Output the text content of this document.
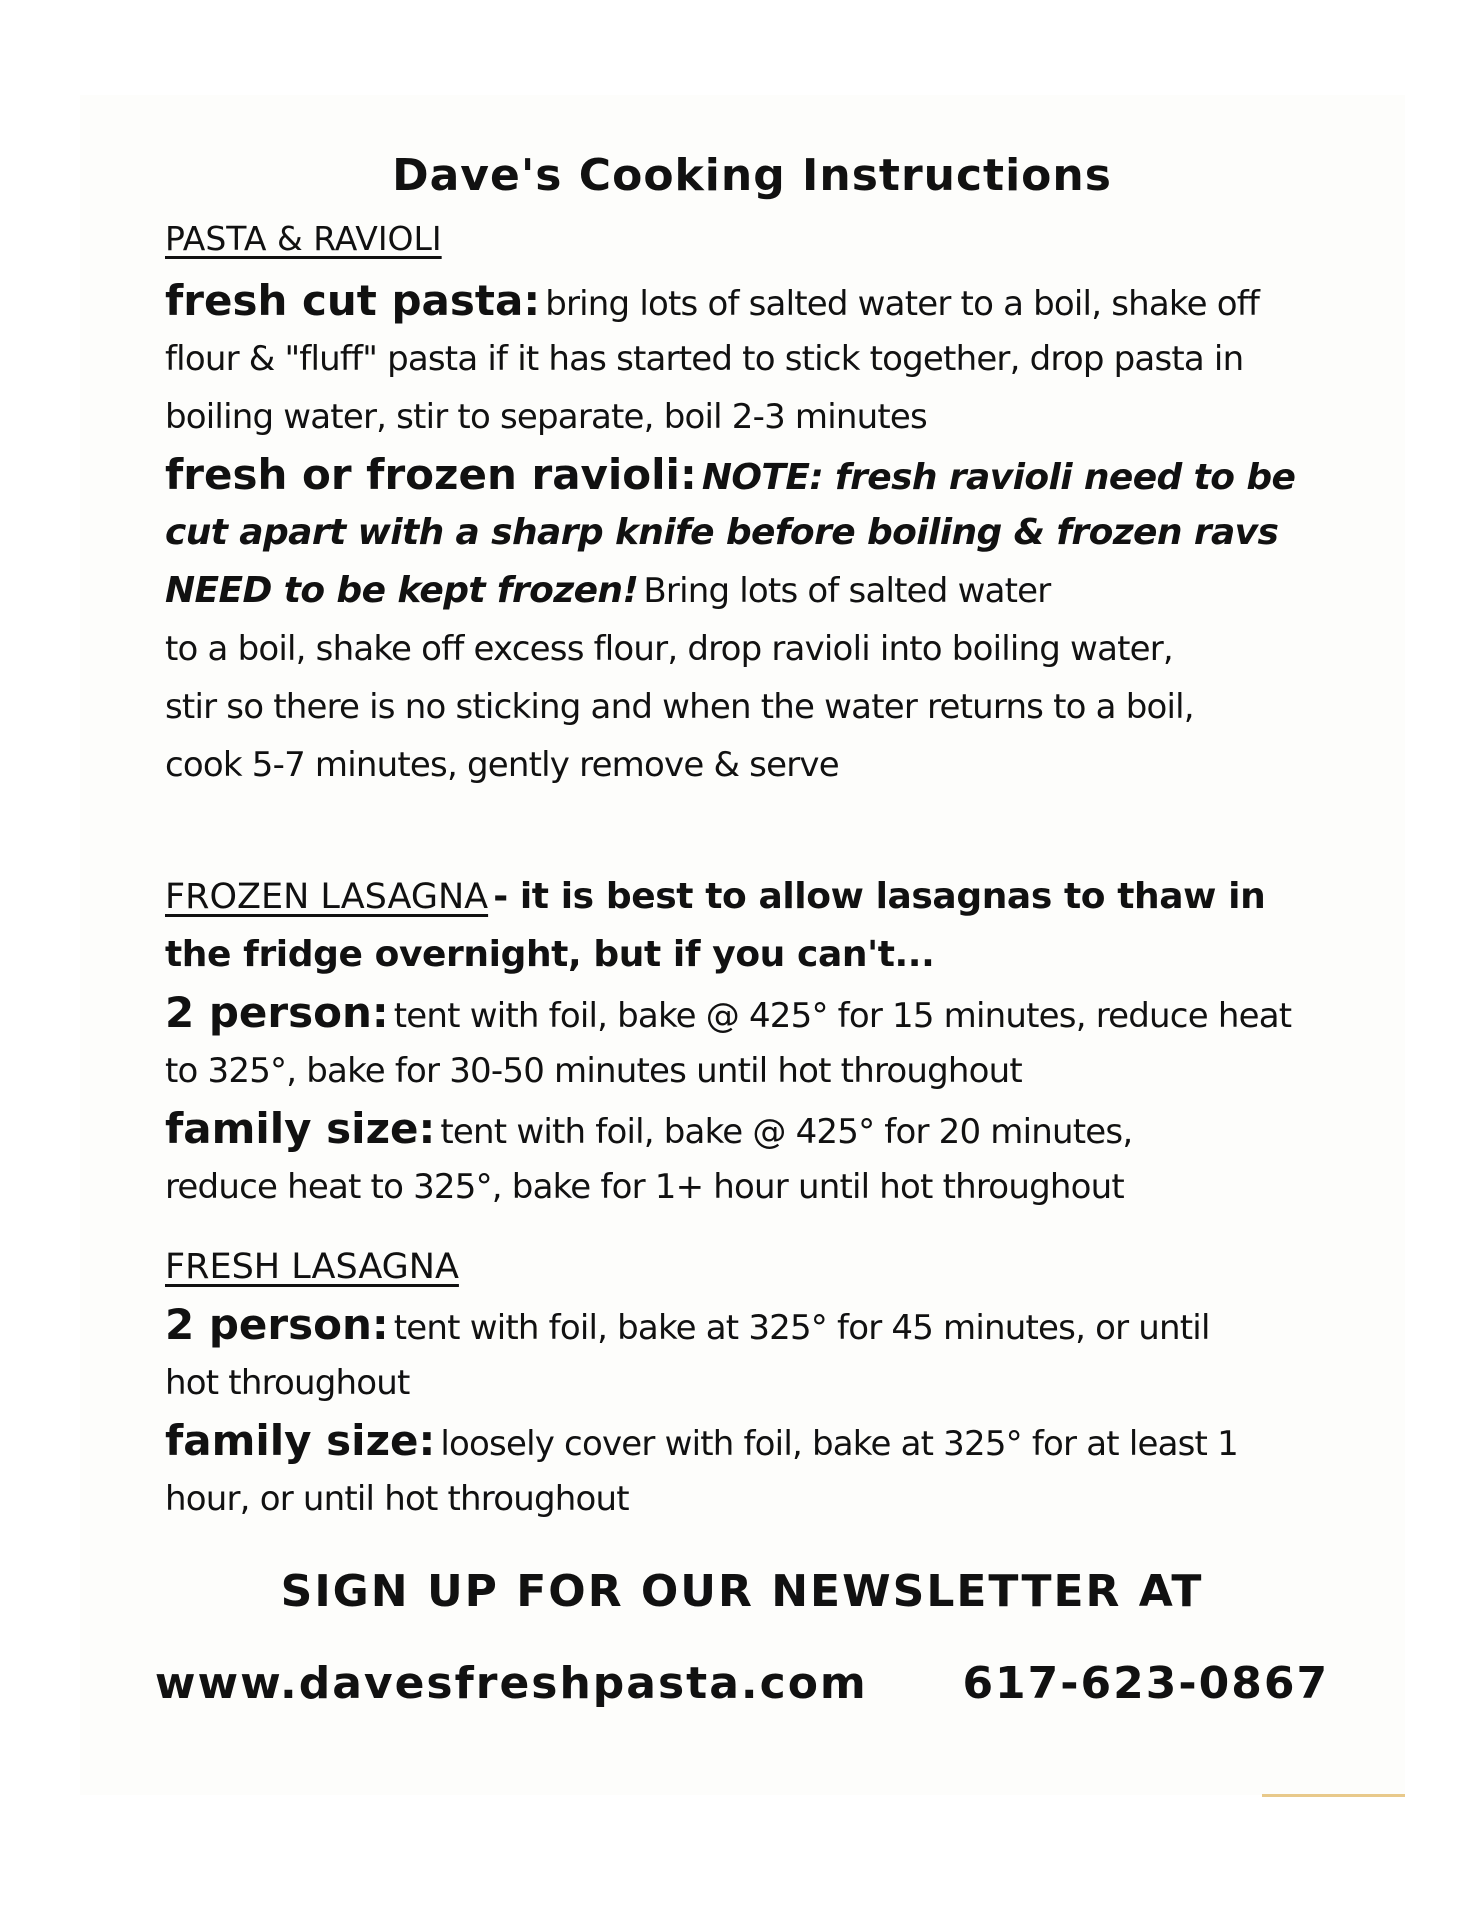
Dave's Cooking Instructions
PASTA & RAVIOLI
fresh cut pasta: bring lots of salted water to a boil, shake off
flour & "fluff" pasta if it has started to stick together, drop pasta in
boiling water, stir to separate, boil 2-3 minutes
fresh or frozen ravioli: NOTE: fresh ravioli need to be
cut apart with a sharp knife before boiling & frozen ravs
NEED to be kept frozen! Bring lots of salted water
to a boil, shake off excess flour, drop ravioli into boiling water,
stir so there is no sticking and when the water returns to a boil,
cook 5-7 minutes, gently remove & serve
FROZEN LASAGNA - it is best to allow lasagnas to thaw in
the fridge overnight, but if you can't...
2 person: tent with foil, bake @ 425° for 15 minutes, reduce heat
to 325°, bake for 30-50 minutes until hot throughout
family size: tent with foil, bake @ 425° for 20 minutes,
reduce heat to 325°, bake for 1+ hour until hot throughout
FRESH LASAGNA
2 person: tent with foil, bake at 325° for 45 minutes, or until
hot throughout
family size: loosely cover with foil, bake at 325° for at least 1
hour, or until hot throughout
SIGN UP FOR OUR NEWSLETTER AT
www.davesfreshpasta.com 617-623-0867
